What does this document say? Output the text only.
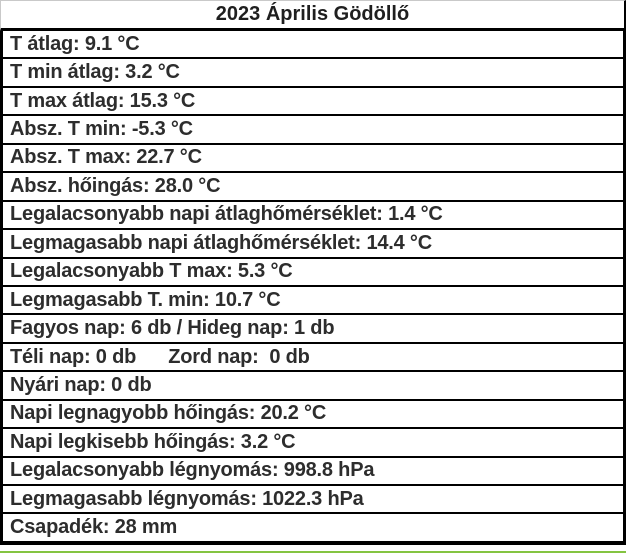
2023 Április Gödöllő
T átlag: 9.1 °C
T min átlag: 3.2 °C
T max átlag: 15.3 °C
Absz. T min: -5.3 °C
Absz. T max: 22.7 °C
Absz. hőingás: 28.0 °C
Legalacsonyabb napi átlaghőmérséklet: 1.4 °C
Legmagasabb napi átlaghőmérséklet: 14.4 °C
Legalacsonyabb T max: 5.3 °C
Legmagasabb T. min: 10.7 °C
Fagyos nap: 6 db / Hideg nap: 1 db
Téli nap: 0 db      Zord nap:  0 db
Nyári nap: 0 db
Napi legnagyobb hőingás: 20.2 °C
Napi legkisebb hőingás: 3.2 °C
Legalacsonyabb légnyomás: 998.8 hPa
Legmagasabb légnyomás: 1022.3 hPa
Csapadék: 28 mm
